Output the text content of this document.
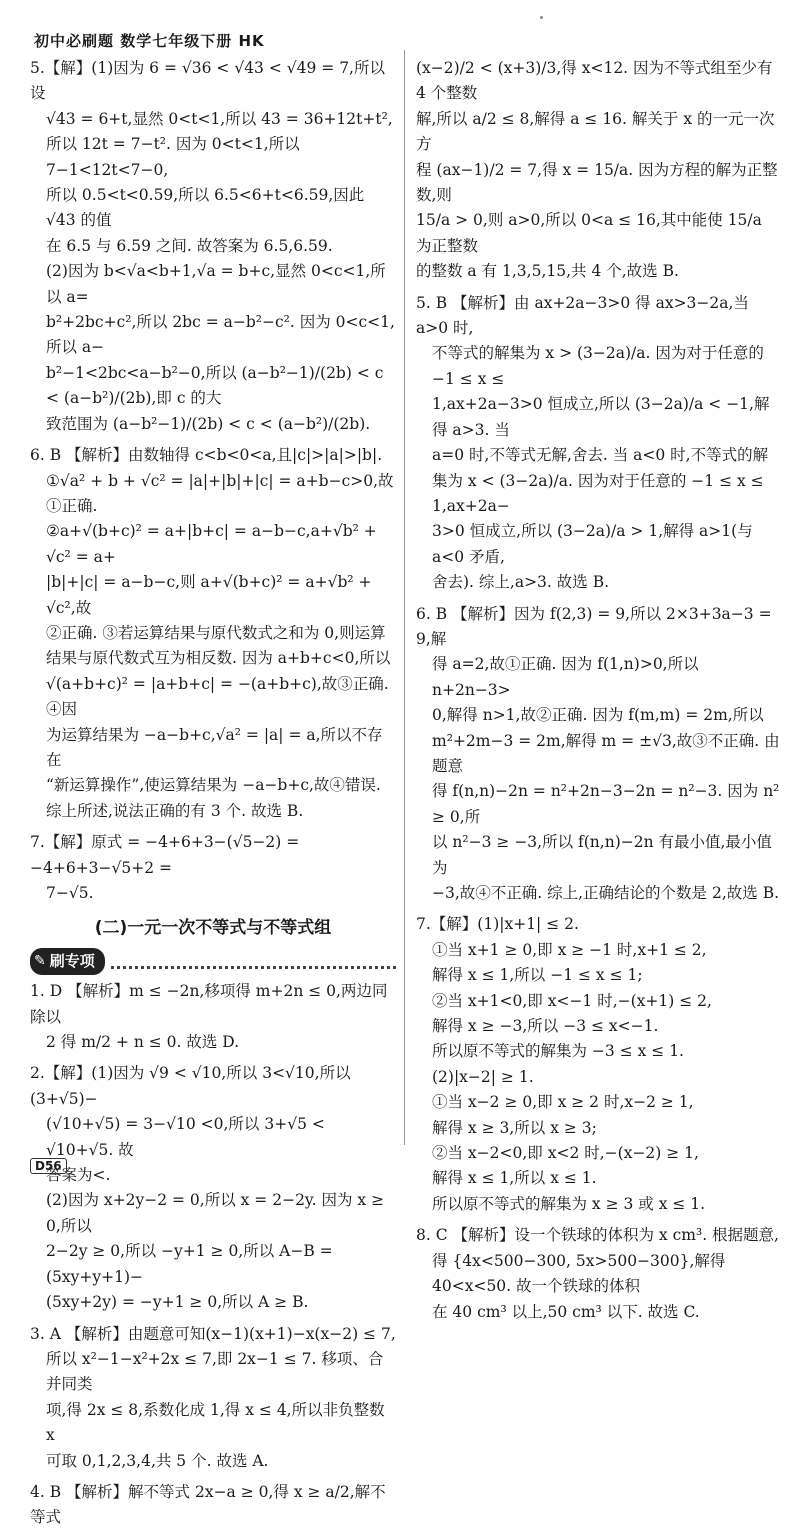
初中必刷题 数学七年级下册 HK

5.【解】(1)因为 6 = √36 < √43 < √49 = 7,所以设

√43 = 6+t,显然 0<t<1,所以 43 = 36+12t+t²,

所以 12t = 7−t². 因为 0<t<1,所以 7−1<12t<7−0,

所以 0.5<t<0.59,所以 6.5<6+t<6.59,因此 √43 的值

在 6.5 与 6.59 之间. 故答案为 6.5,6.59.

(2)因为 b<√a<b+1,√a = b+c,显然 0<c<1,所以 a=

b²+2bc+c²,所以 2bc = a−b²−c². 因为 0<c<1,所以 a−

b²−1<2bc<a−b²−0,所以 (a−b²−1)/(2b) < c < (a−b²)/(2b),即 c 的大

致范围为 (a−b²−1)/(2b) < c < (a−b²)/(2b).

6. B 【解析】由数轴得 c<b<0<a,且|c|>|a|>|b|.

①√a² + b + √c² = |a|+|b|+|c| = a+b−c>0,故①正确.

②a+√(b+c)² = a+|b+c| = a−b−c,a+√b² + √c² = a+

|b|+|c| = a−b−c,则 a+√(b+c)² = a+√b² + √c²,故

②正确. ③若运算结果与原代数式之和为 0,则运算

结果与原代数式互为相反数. 因为 a+b+c<0,所以

√(a+b+c)² = |a+b+c| = −(a+b+c),故③正确. ④因

为运算结果为 −a−b+c,√a² = |a| = a,所以不存在

“新运算操作”,使运算结果为 −a−b+c,故④错误.

综上所述,说法正确的有 3 个. 故选 B.

7.【解】原式 = −4+6+3−(√5−2) = −4+6+3−√5+2 =

7−√5.

(二)一元一次不等式与不等式组

✎ 刷专项

1. D 【解析】m ≤ −2n,移项得 m+2n ≤ 0,两边同除以

2 得 m/2 + n ≤ 0. 故选 D.

2.【解】(1)因为 √9 < √10,所以 3<√10,所以(3+√5)−

(√10+√5) = 3−√10 <0,所以 3+√5 < √10+√5. 故

答案为<.

(2)因为 x+2y−2 = 0,所以 x = 2−2y. 因为 x ≥ 0,所以

2−2y ≥ 0,所以 −y+1 ≥ 0,所以 A−B = (5xy+y+1)−

(5xy+2y) = −y+1 ≥ 0,所以 A ≥ B.

3. A 【解析】由题意可知(x−1)(x+1)−x(x−2) ≤ 7,

所以 x²−1−x²+2x ≤ 7,即 2x−1 ≤ 7. 移项、合并同类

项,得 2x ≤ 8,系数化成 1,得 x ≤ 4,所以非负整数 x

可取 0,1,2,3,4,共 5 个. 故选 A.

4. B 【解析】解不等式 2x−a ≥ 0,得 x ≥ a/2,解不等式

(x−2)/2 < (x+3)/3,得 x<12. 因为不等式组至少有 4 个整数

解,所以 a/2 ≤ 8,解得 a ≤ 16. 解关于 x 的一元一次方

程 (ax−1)/2 = 7,得 x = 15/a. 因为方程的解为正整数,则

15/a > 0,则 a>0,所以 0<a ≤ 16,其中能使 15/a 为正整数

的整数 a 有 1,3,5,15,共 4 个,故选 B.

5. B 【解析】由 ax+2a−3>0 得 ax>3−2a,当 a>0 时,

不等式的解集为 x > (3−2a)/a. 因为对于任意的 −1 ≤ x ≤

1,ax+2a−3>0 恒成立,所以 (3−2a)/a < −1,解得 a>3. 当

a=0 时,不等式无解,舍去. 当 a<0 时,不等式的解

集为 x < (3−2a)/a. 因为对于任意的 −1 ≤ x ≤ 1,ax+2a−

3>0 恒成立,所以 (3−2a)/a > 1,解得 a>1(与 a<0 矛盾,

舍去). 综上,a>3. 故选 B.

6. B 【解析】因为 f(2,3) = 9,所以 2×3+3a−3 = 9,解

得 a=2,故①正确. 因为 f(1,n)>0,所以 n+2n−3>

0,解得 n>1,故②正确. 因为 f(m,m) = 2m,所以

m²+2m−3 = 2m,解得 m = ±√3,故③不正确. 由题意

得 f(n,n)−2n = n²+2n−3−2n = n²−3. 因为 n² ≥ 0,所

以 n²−3 ≥ −3,所以 f(n,n)−2n 有最小值,最小值为

−3,故④不正确. 综上,正确结论的个数是 2,故选 B.

7.【解】(1)|x+1| ≤ 2.

①当 x+1 ≥ 0,即 x ≥ −1 时,x+1 ≤ 2,

解得 x ≤ 1,所以 −1 ≤ x ≤ 1;

②当 x+1<0,即 x<−1 时,−(x+1) ≤ 2,

解得 x ≥ −3,所以 −3 ≤ x<−1.

所以原不等式的解集为 −3 ≤ x ≤ 1.

(2)|x−2| ≥ 1.

①当 x−2 ≥ 0,即 x ≥ 2 时,x−2 ≥ 1,

解得 x ≥ 3,所以 x ≥ 3;

②当 x−2<0,即 x<2 时,−(x−2) ≥ 1,

解得 x ≤ 1,所以 x ≤ 1.

所以原不等式的解集为 x ≥ 3 或 x ≤ 1.

8. C 【解析】设一个铁球的体积为 x cm³. 根据题意,

得 {4x<500−300, 5x>500−300},解得 40<x<50. 故一个铁球的体积

在 40 cm³ 以上,50 cm³ 以下. 故选 C.

D56
